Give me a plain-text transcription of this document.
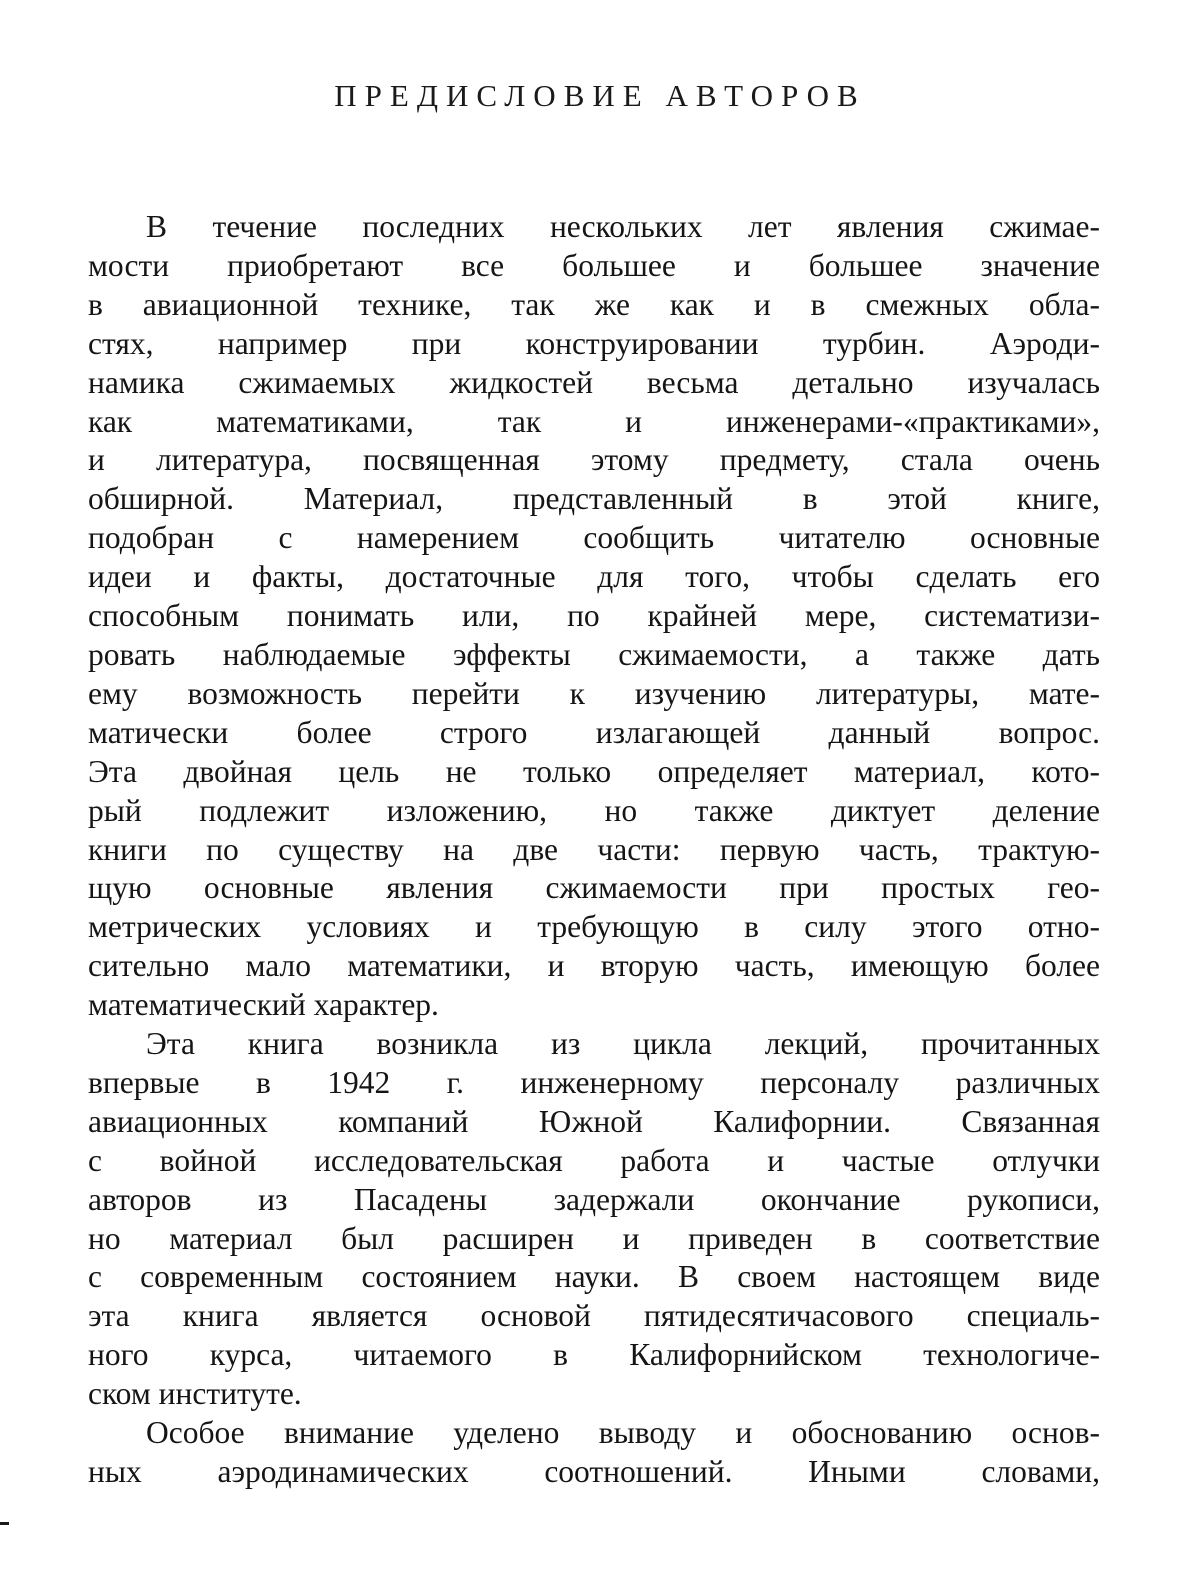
ПРЕДИСЛОВИЕ АВТОРОВ

В течение последних нескольких лет явления сжимае-
мости приобретают все большее и большее значение
в авиационной технике, так же как и в смежных обла-
стях, например при конструировании турбин. Аэроди-
намика сжимаемых жидкостей весьма детально изучалась
как математиками, так и инженерами-«практиками»,
и литература, посвященная этому предмету, стала очень
обширной. Материал, представленный в этой книге,
подобран с намерением сообщить читателю основные
идеи и факты, достаточные для того, чтобы сделать его
способным понимать или, по крайней мере, систематизи-
ровать наблюдаемые эффекты сжимаемости, а также дать
ему возможность перейти к изучению литературы, мате-
матически более строго излагающей данный вопрос.
Эта двойная цель не только определяет материал, кото-
рый подлежит изложению, но также диктует деление
книги по существу на две части: первую часть, трактую-
щую основные явления сжимаемости при простых гео-
метрических условиях и требующую в силу этого отно-
сительно мало математики, и вторую часть, имеющую более
математический характер.

Эта книга возникла из цикла лекций, прочитанных
впервые в 1942 г. инженерному персоналу различных
авиационных компаний Южной Калифорнии. Связанная
с войной исследовательская работа и частые отлучки
авторов из Пасадены задержали окончание рукописи,
но материал был расширен и приведен в соответствие
с современным состоянием науки. В своем настоящем виде
эта книга является основой пятидесятичасового специаль-
ного курса, читаемого в Калифорнийском технологиче-
ском институте.

Особое внимание уделено выводу и обоснованию основ-
ных аэродинамических соотношений. Иными словами,
